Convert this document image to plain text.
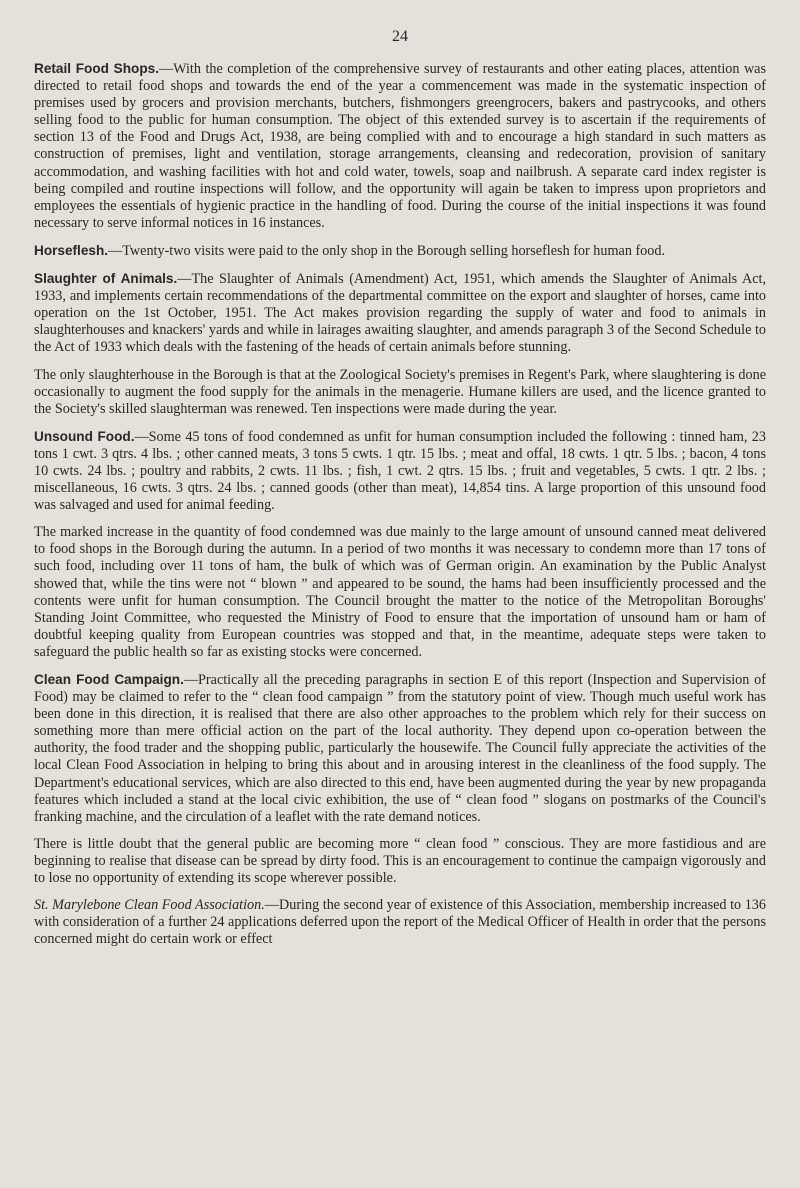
24

Retail Food Shops.—With the completion of the comprehensive survey of restaurants and other eating places, attention was directed to retail food shops and towards the end of the year a commencement was made in the systematic inspection of premises used by grocers and provision merchants, butchers, fishmongers greengrocers, bakers and pastrycooks, and others selling food to the public for human consumption. The object of this extended survey is to ascertain if the requirements of section 13 of the Food and Drugs Act, 1938, are being complied with and to encourage a high standard in such matters as construction of premises, light and ventilation, storage arrangements, cleansing and redecoration, provision of sanitary accommodation, and washing facilities with hot and cold water, towels, soap and nailbrush. A separate card index register is being compiled and routine inspections will follow, and the opportunity will again be taken to impress upon proprietors and employees the essentials of hygienic practice in the handling of food. During the course of the initial inspections it was found necessary to serve informal notices in 16 instances.

Horseflesh.—Twenty-two visits were paid to the only shop in the Borough selling horseflesh for human food.

Slaughter of Animals.—The Slaughter of Animals (Amendment) Act, 1951, which amends the Slaughter of Animals Act, 1933, and implements certain recommendations of the departmental committee on the export and slaughter of horses, came into operation on the 1st October, 1951. The Act makes provision regarding the supply of water and food to animals in slaughterhouses and knackers' yards and while in lairages awaiting slaughter, and amends paragraph 3 of the Second Schedule to the Act of 1933 which deals with the fastening of the heads of certain animals before stunning.

The only slaughterhouse in the Borough is that at the Zoological Society's premises in Regent's Park, where slaughtering is done occasionally to augment the food supply for the animals in the menagerie. Humane killers are used, and the licence granted to the Society's skilled slaughterman was renewed. Ten inspections were made during the year.

Unsound Food.—Some 45 tons of food condemned as unfit for human consumption included the following : tinned ham, 23 tons 1 cwt. 3 qtrs. 4 lbs. ; other canned meats, 3 tons 5 cwts. 1 qtr. 15 lbs. ; meat and offal, 18 cwts. 1 qtr. 5 lbs. ; bacon, 4 tons 10 cwts. 24 lbs. ; poultry and rabbits, 2 cwts. 11 lbs. ; fish, 1 cwt. 2 qtrs. 15 lbs. ; fruit and vegetables, 5 cwts. 1 qtr. 2 lbs. ; miscellaneous, 16 cwts. 3 qtrs. 24 lbs. ; canned goods (other than meat), 14,854 tins. A large proportion of this unsound food was salvaged and used for animal feeding.

The marked increase in the quantity of food condemned was due mainly to the large amount of unsound canned meat delivered to food shops in the Borough during the autumn. In a period of two months it was necessary to condemn more than 17 tons of such food, including over 11 tons of ham, the bulk of which was of German origin. An examination by the Public Analyst showed that, while the tins were not “ blown ” and appeared to be sound, the hams had been insufficiently processed and the contents were unfit for human consumption. The Council brought the matter to the notice of the Metropolitan Boroughs' Standing Joint Committee, who requested the Ministry of Food to ensure that the importation of unsound ham or ham of doubtful keeping quality from European countries was stopped and that, in the meantime, adequate steps were taken to safeguard the public health so far as existing stocks were concerned.

Clean Food Campaign.—Practically all the preceding paragraphs in section E of this report (Inspection and Supervision of Food) may be claimed to refer to the “ clean food campaign ” from the statutory point of view. Though much useful work has been done in this direction, it is realised that there are also other approaches to the problem which rely for their success on something more than mere official action on the part of the local authority. They depend upon co-operation between the authority, the food trader and the shopping public, particularly the housewife. The Council fully appreciate the activities of the local Clean Food Association in helping to bring this about and in arousing interest in the cleanliness of the food supply. The Department's educational services, which are also directed to this end, have been augmented during the year by new propaganda features which included a stand at the local civic exhibition, the use of “ clean food ” slogans on postmarks of the Council's franking machine, and the circulation of a leaflet with the rate demand notices.

There is little doubt that the general public are becoming more “ clean food ” conscious. They are more fastidious and are beginning to realise that disease can be spread by dirty food. This is an encouragement to continue the campaign vigorously and to lose no opportunity of extending its scope wherever possible.

St. Marylebone Clean Food Association.—During the second year of existence of this Association, membership increased to 136 with consideration of a further 24 applications deferred upon the report of the Medical Officer of Health in order that the persons concerned might do certain work or effect
